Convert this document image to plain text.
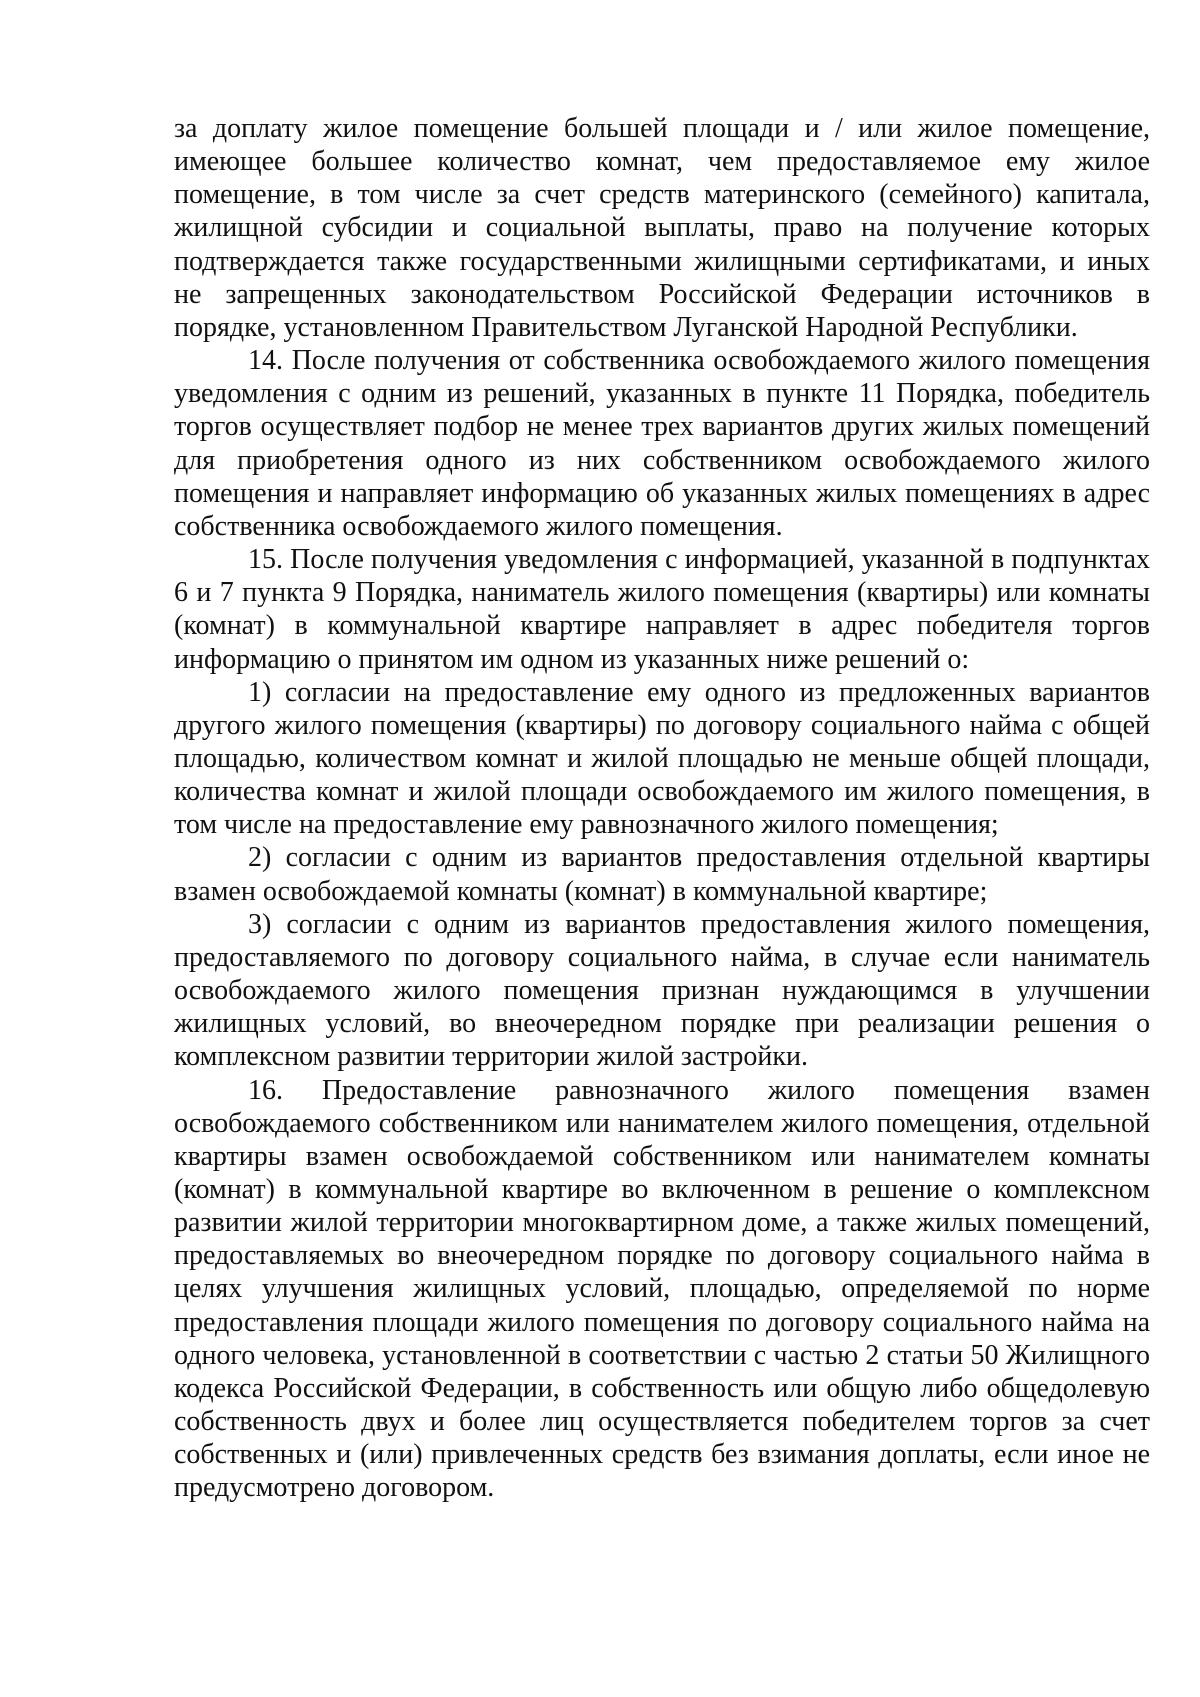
за доплату жилое помещение большей площади и / или жилое помещение, имеющее большее количество комнат, чем предоставляемое ему жилое помещение, в том числе за счет средств материнского (семейного) капитала, жилищной субсидии и социальной выплаты, право на получение которых подтверждается также государственными жилищными сертификатами, и иных не запрещенных законодательством Российской Федерации источников в порядке, установленном Правительством Луганской Народной Республики.

14. После получения от собственника освобождаемого жилого помещения уведомления с одним из решений, указанных в пункте 11 Порядка, победитель торгов осуществляет подбор не менее трех вариантов других жилых помещений для приобретения одного из них собственником освобождаемого жилого помещения и направляет информацию об указанных жилых помещениях в адрес собственника освобождаемого жилого помещения.

15. После получения уведомления с информацией, указанной в подпунктах 6 и 7 пункта 9 Порядка, наниматель жилого помещения (квартиры) или комнаты (комнат) в коммунальной квартире направляет в адрес победителя торгов информацию о принятом им одном из указанных ниже решений о:

1) согласии на предоставление ему одного из предложенных вариантов другого жилого помещения (квартиры) по договору социального найма с общей площадью, количеством комнат и жилой площадью не меньше общей площади, количества комнат и жилой площади освобождаемого им жилого помещения, в том числе на предоставление ему равнозначного жилого помещения;

2) согласии с одним из вариантов предоставления отдельной квартиры взамен освобождаемой комнаты (комнат) в коммунальной квартире;

3) согласии с одним из вариантов предоставления жилого помещения, предоставляемого по договору социального найма, в случае если наниматель освобождаемого жилого помещения признан нуждающимся в улучшении жилищных условий, во внеочередном порядке при реализации решения о комплексном развитии территории жилой застройки.

16. Предоставление равнозначного жилого помещения взамен освобождаемого собственником или нанимателем жилого помещения, отдельной квартиры взамен освобождаемой собственником или нанимателем комнаты (комнат) в коммунальной квартире во включенном в решение о комплексном развитии жилой территории многоквартирном доме, а также жилых помещений, предоставляемых во внеочередном порядке по договору социального найма в целях улучшения жилищных условий, площадью, определяемой по норме предоставления площади жилого помещения по договору социального найма на одного человека, установленной в соответствии с частью 2 статьи 50 Жилищного кодекса Российской Федерации, в собственность или общую либо общедолевую собственность двух и более лиц осуществляется победителем торгов за счет собственных и (или) привлеченных средств без взимания доплаты, если иное не предусмотрено договором.
